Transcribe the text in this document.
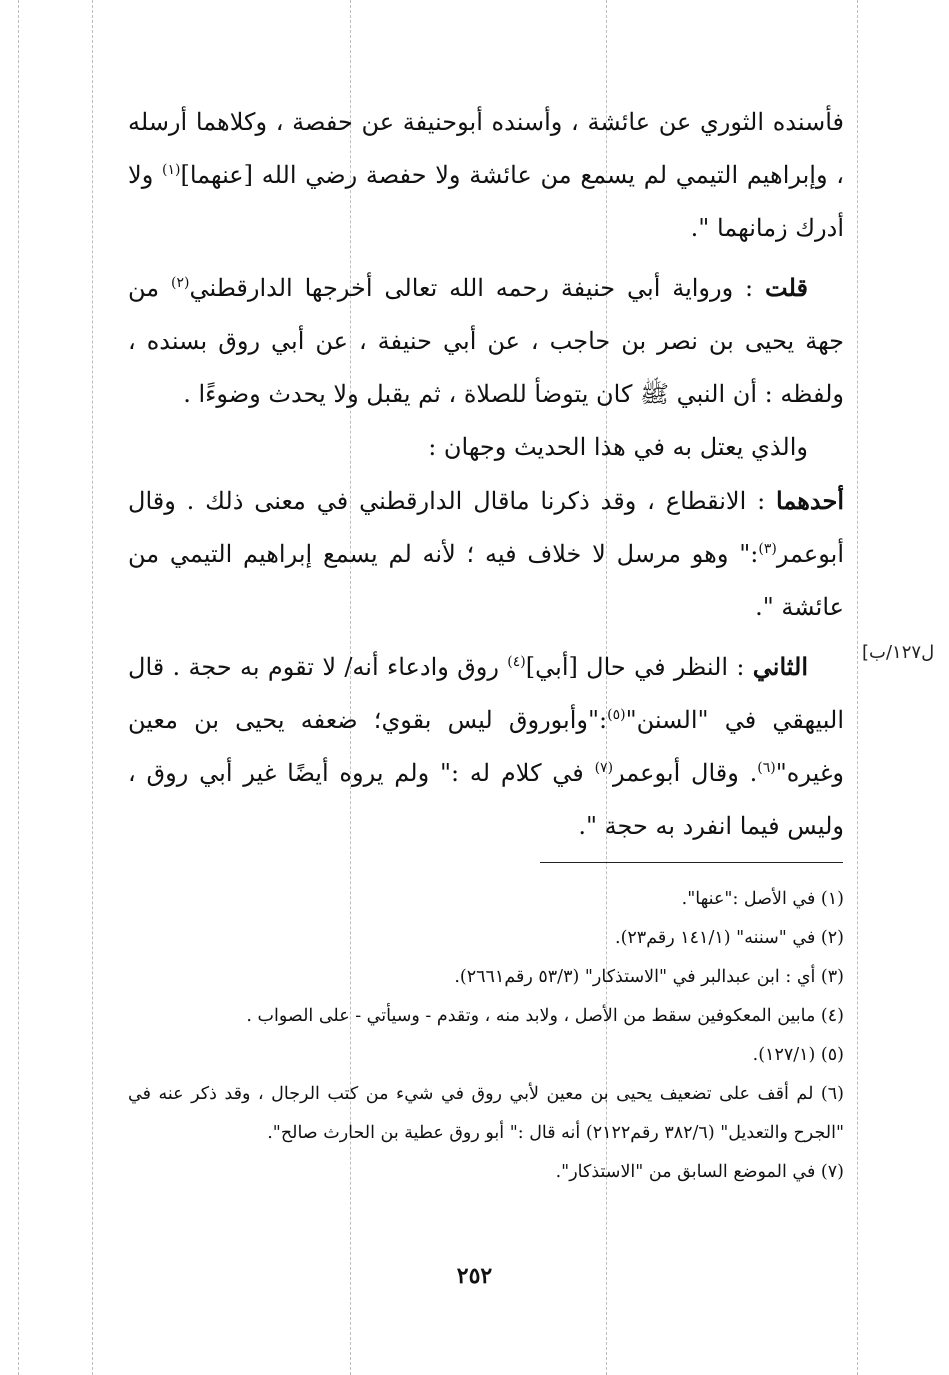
فأسنده الثوري عن عائشة ، وأسنده أبوحنيفة عن حفصة ، وكلاهما أرسله ، وإبراهيم التيمي لم يسمع من عائشة ولا حفصة رضي الله [عنهما]$^{(١)}$ ولا أدرك زمانهما ".

قلت : ورواية أبي حنيفة رحمه الله تعالى أخرجها الدارقطني$^{(٢)}$ من جهة يحيى بن نصر بن حاجب ، عن أبي حنيفة ، عن أبي روق بسنده ، ولفظه : أن النبي ﷺ كان يتوضأ للصلاة ، ثم يقبل ولا يحدث وضوءًا .

والذي يعتل به في هذا الحديث وجهان :

أحدهما : الانقطاع ، وقد ذكرنا ماقال الدارقطني في معنى ذلك . وقال أبوعمر$^{(٣)}$:" وهو مرسل لا خلاف فيه ؛ لأنه لم يسمع إبراهيم التيمي من عائشة ".

الثاني : النظر في حال [أبي]$^{(٤)}$ روق وادعاء أنه/ لا تقوم به حجة . قال البيهقي في "السنن"$^{(٥)}$:"وأبوروق ليس بقوي؛ ضعفه يحيى بن معين وغيره"$^{(٦)}$. وقال أبوعمر$^{(٧)}$ في كلام له :" ولم يروه أيضًا غير أبي روق ، وليس فيما انفرد به حجة ".

ل١٢٧/ب]

(١) في الأصل :"عنها".

(٢) في "سننه" (١٤١/١ رقم٢٣).

(٣) أي : ابن عبدالبر في "الاستذكار" (٥٣/٣ رقم٢٦٦١).

(٤) مابين المعكوفين سقط من الأصل ، ولابد منه ، وتقدم - وسيأتي - على الصواب .

(٥) (١٢٧/١).

(٦) لم أقف على تضعيف يحيى بن معين لأبي روق في شيء من كتب الرجال ، وقد ذكر عنه في "الجرح والتعديل" (٣٨٢/٦ رقم٢١٢٢) أنه قال :" أبو روق عطية بن الحارث صالح".

(٧) في الموضع السابق من "الاستذكار".

٢٥٢
